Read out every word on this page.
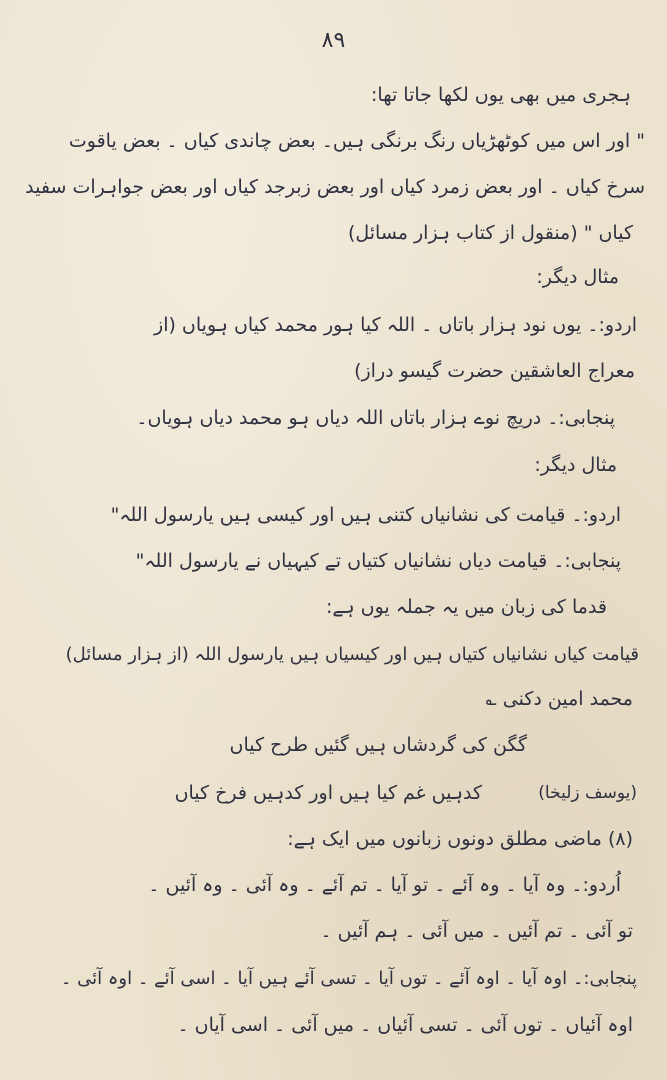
۸۹
ہجری میں بھی یوں لکھا جاتا تھا:
" اور اس میں کوٹھڑیاں رنگ برنگی ہیں۔ بعض چاندی کیاں ۔ بعض یاقوت
سرخ کیاں ۔ اور بعض زمرد کیاں اور بعض زبرجد کیاں اور بعض جواہرات سفید
کیاں " (منقول از کتاب ہزار مسائل)
مثال دیگر:
اردو:۔ یوں نود ہزار باتاں ۔ اللہ کیا ہور محمد کیاں ہویاں (از
معراج العاشقین حضرت گیسو دراز)
پنجابی:۔ دریچ نوے ہزار باتاں اللہ دیاں ہو محمد دیاں ہویاں۔
مثال دیگر:
اردو:۔ قیامت کی نشانیاں کتنی ہیں اور کیسی ہیں یارسول اللہ"
پنجابی:۔ قیامت دیاں نشانیاں کتیاں تے کیہیاں نے یارسول اللہ"
قدما کی زبان میں یہ جملہ یوں ہے:
قیامت کیاں نشانیاں کتیاں ہیں اور کیسیاں ہیں یارسول اللہ (از ہزار مسائل)
محمد امین دکنی ؎
گگن کی گردشاں ہیں گئیں طرح کیاں
کدہیں غم کیا ہیں اور کدہیں فرخ کیاں	(یوسف زلیخا)
(۸) ماضی مطلق دونوں زبانوں میں ایک ہے:
اُردو:۔ وہ آیا ۔ وہ آئے ۔ تو آیا ۔ تم آئے ۔ وہ آئی ۔ وہ آئیں ۔
تو آئی ۔ تم آئیں ۔ میں آئی ۔ ہم آئیں ۔
پنجابی:۔ اوہ آیا ۔ اوہ آئے ۔ توں آیا ۔ تسی آئے ہیں آیا ۔ اسی آئے ۔ اوہ آئی ۔
اوہ آئیاں ۔ توں آئی ۔ تسی آئیاں ۔ میں آئی ۔ اسی آیاں ۔
